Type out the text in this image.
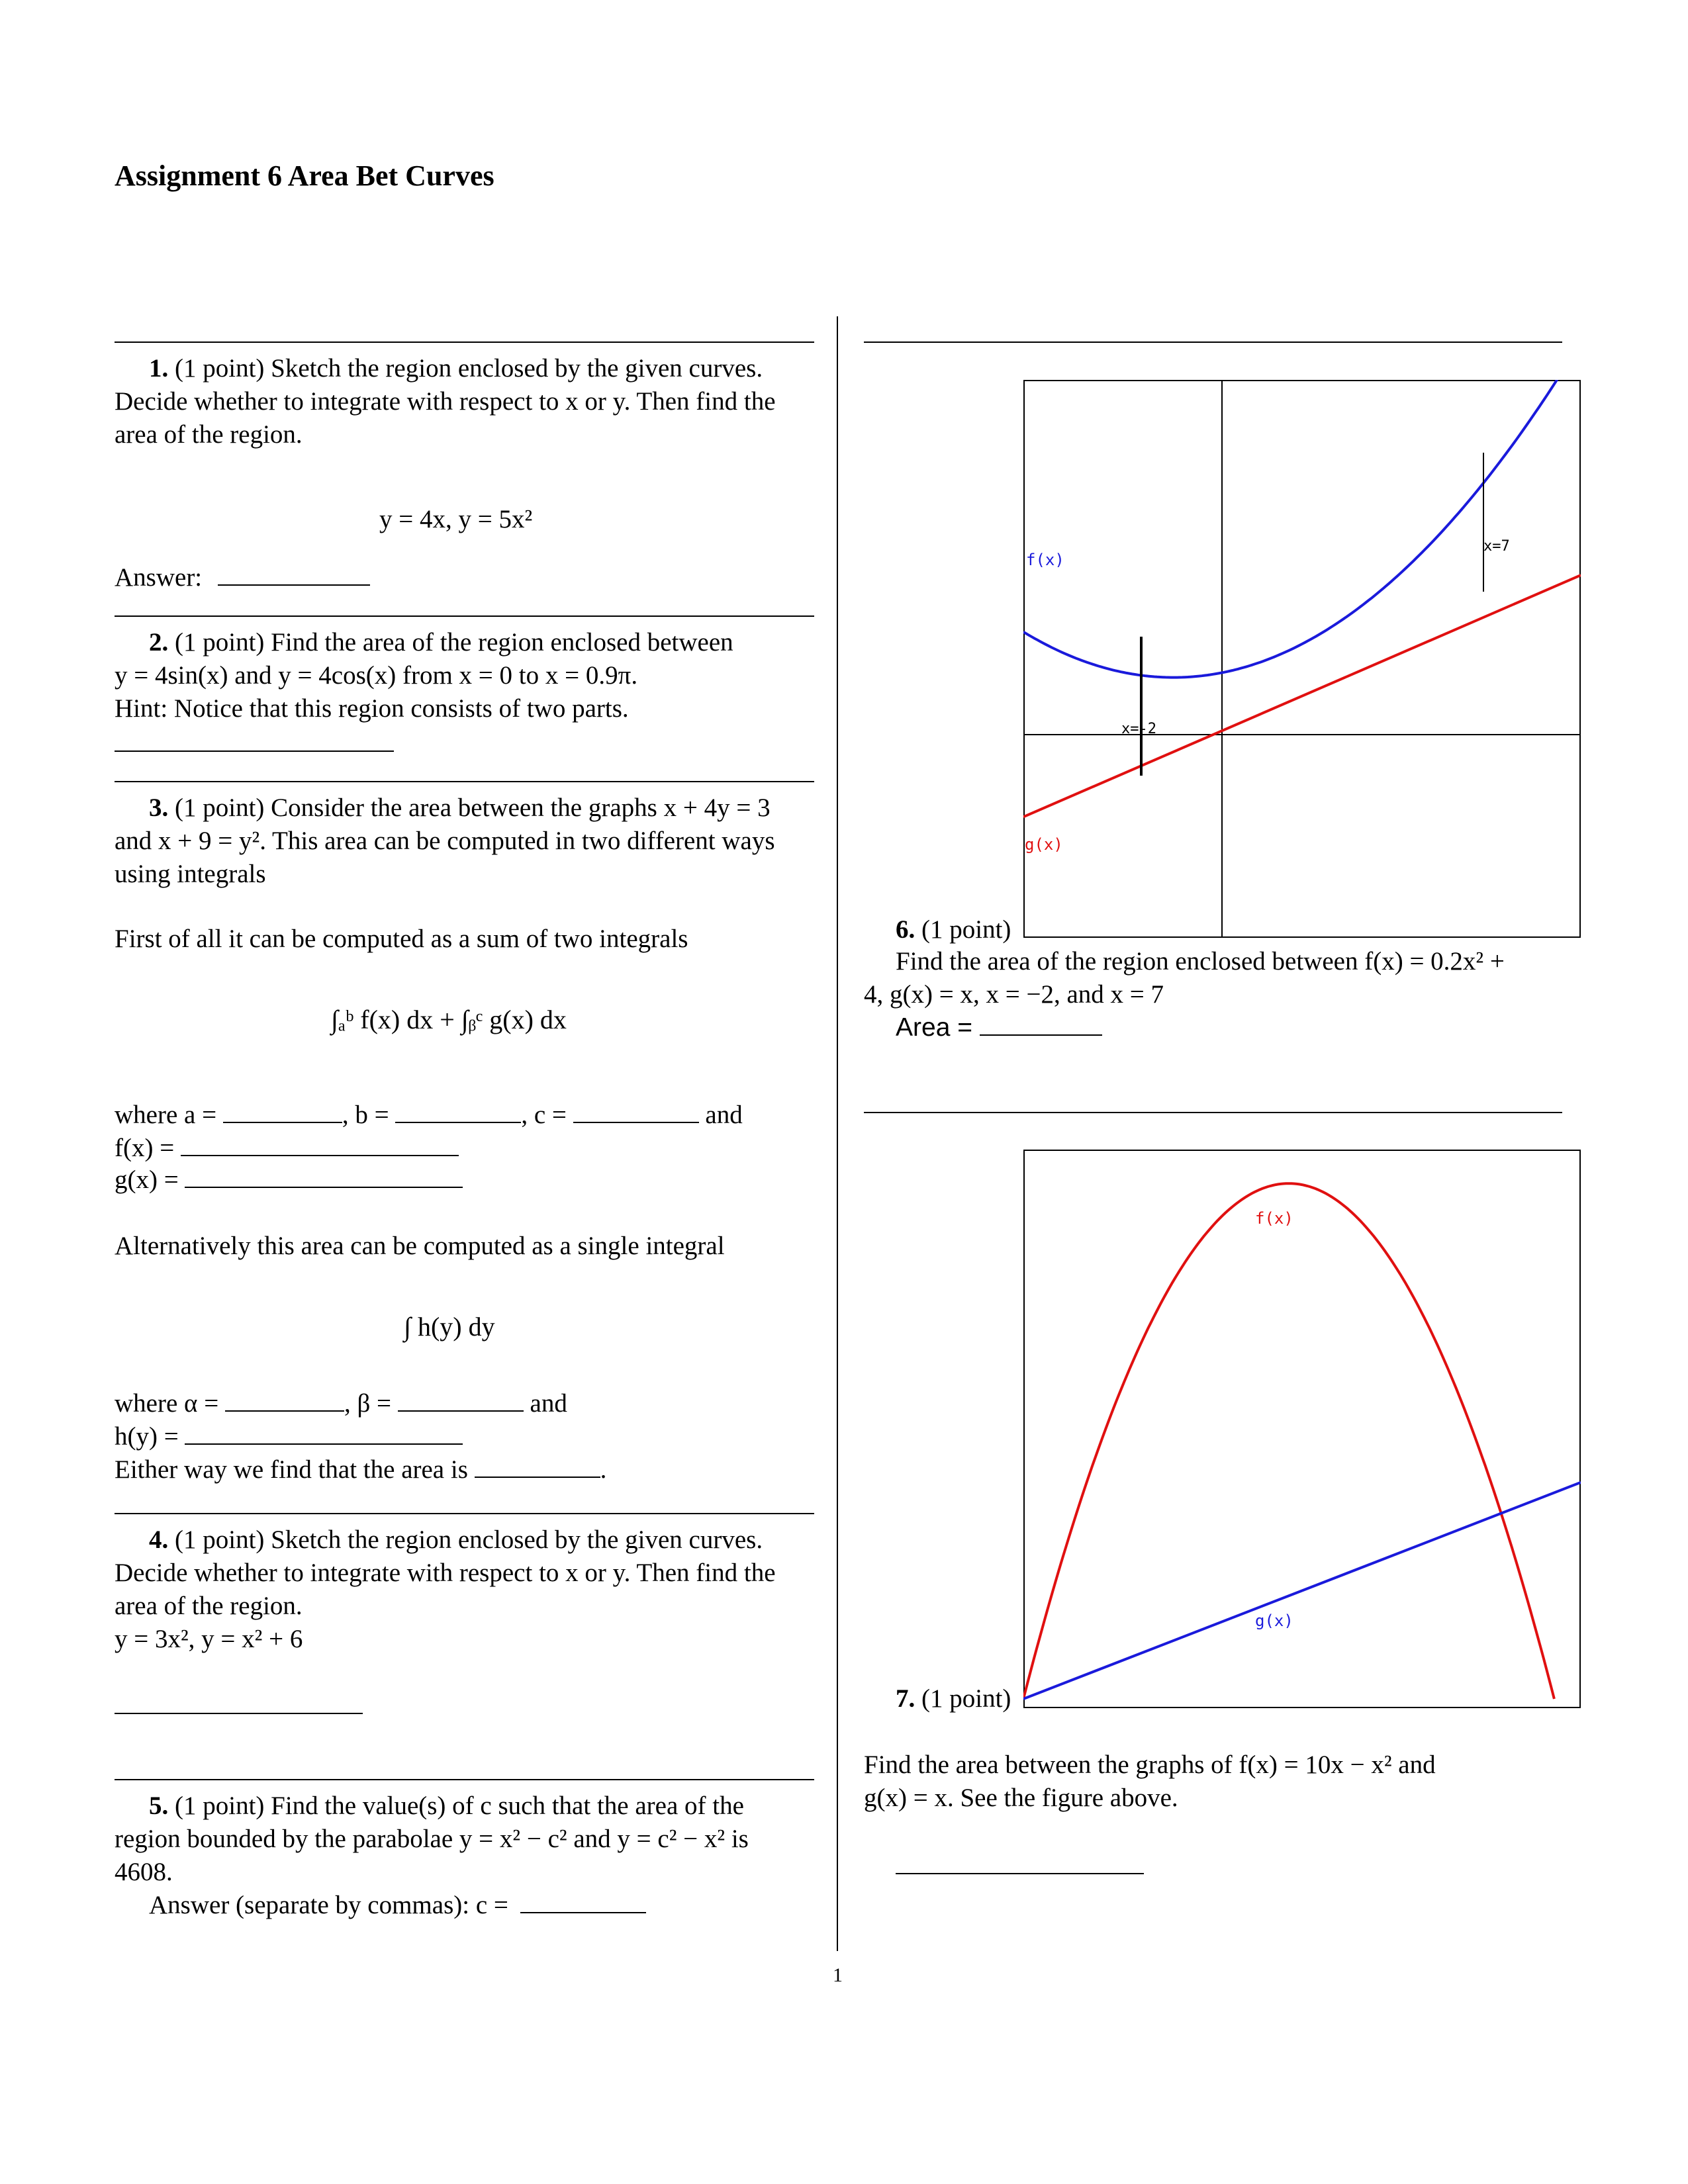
Assignment 6 Area Bet Curves
1. (1 point) Sketch the region enclosed by the given curves.
Decide whether to integrate with respect to x or y. Then find the
area of the region.
y = 4x, y = 5x²
Answer:
2. (1 point) Find the area of the region enclosed between
y = 4sin(x) and y = 4cos(x) from x = 0 to x = 0.9π.
Hint: Notice that this region consists of two parts.
3. (1 point) Consider the area between the graphs x + 4y = 3
and x + 9 = y². This area can be computed in two different ways
using integrals
First of all it can be computed as a sum of two integrals
∫ₐᵇ f(x) dx + ∫ᵦᶜ g(x) dx
where a =	, b =	, c =	and
f(x) =
g(x) =
Alternatively this area can be computed as a single integral
∫ h(y) dy
where α =	, β =	and
h(y) =
Either way we find that the area is	.
4. (1 point) Sketch the region enclosed by the given curves.
Decide whether to integrate with respect to x or y. Then find the
area of the region.
y = 3x², y = x² + 6
5. (1 point) Find the value(s) of c such that the area of the
region bounded by the parabolae y = x² − c² and y = c² − x² is
4608.
Answer (separate by commas): c =
1
f(x)
g(x)
x=-2
x=7
6. (1 point)
Find the area of the region enclosed between f(x) = 0.2x² +
4, g(x) = x, x = −2, and x = 7
Area =
f(x)
g(x)
7. (1 point)
Find the area between the graphs of f(x) = 10x − x² and
g(x) = x. See the figure above.
